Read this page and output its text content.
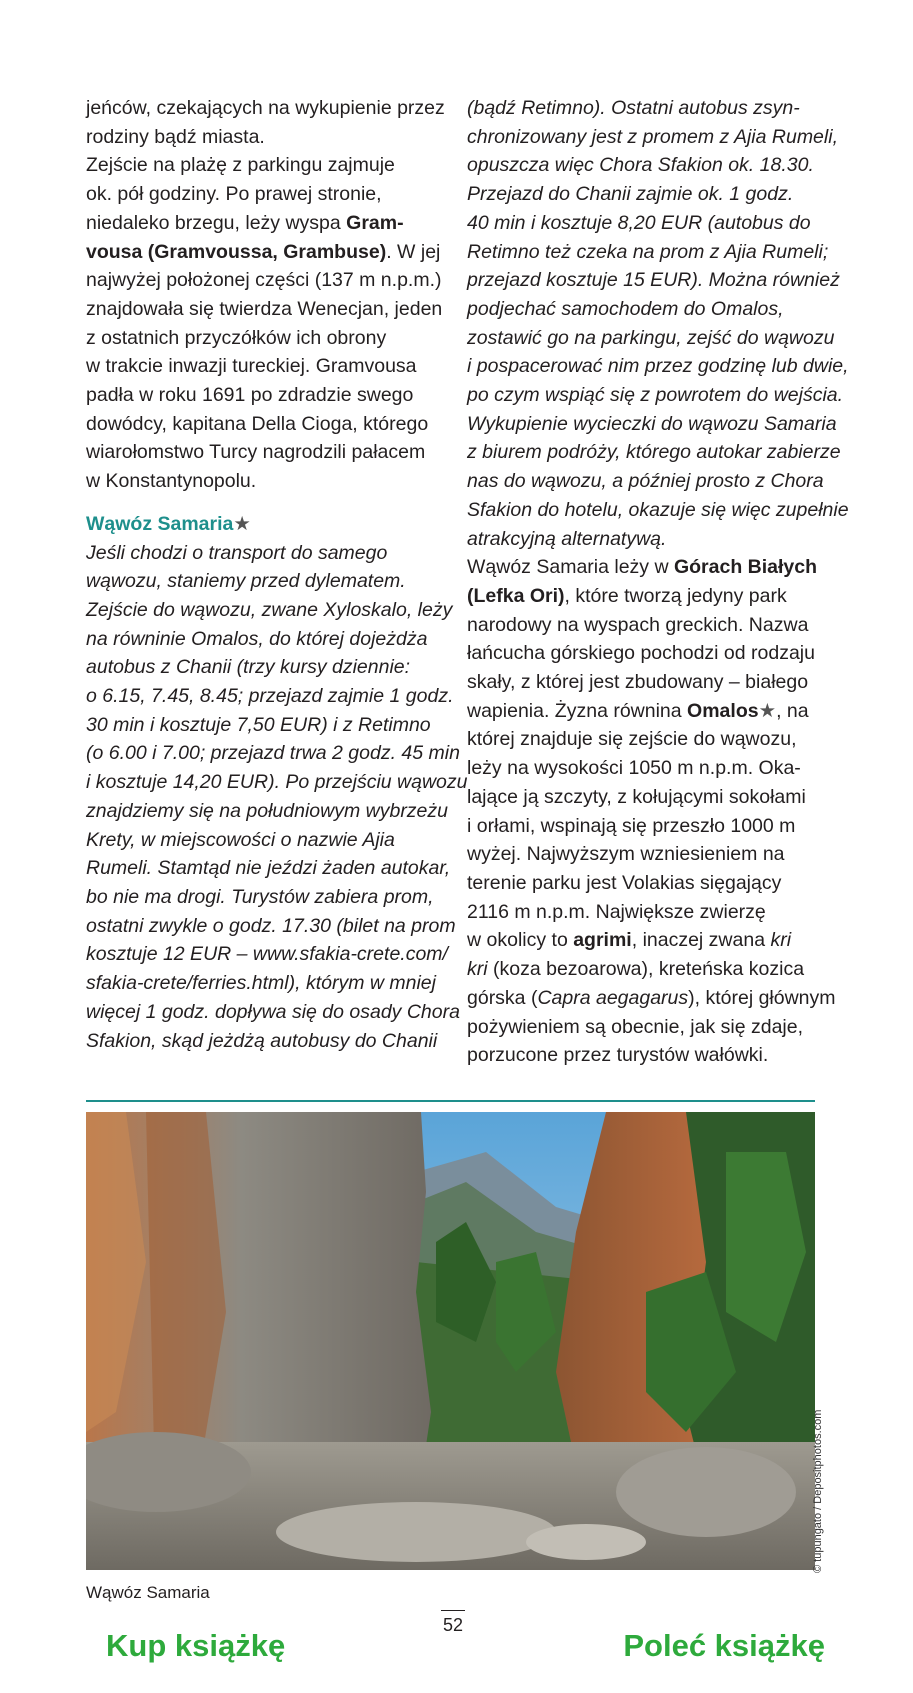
jeńców, czekających na wykupienie przez
rodziny bądź miasta.
Zejście na plażę z parkingu zajmuje
ok. pół godziny. Po prawej stronie,
niedaleko brzegu, leży wyspa Gram-
vousa (Gramvoussa, Grambuse). W jej
najwyżej położonej części (137 m n.p.m.)
znajdowała się twierdza Wenecjan, jeden
z ostatnich przyczółków ich obrony
w trakcie inwazji tureckiej. Gramvousa
padła w roku 1691 po zdradzie swego
dowódcy, kapitana Della Cioga, którego
wiarołomstwo Turcy nagrodzili pałacem
w Konstantynopolu.
Wąwóz Samaria★
Jeśli chodzi o transport do samego
wąwozu, staniemy przed dylematem.
Zejście do wąwozu, zwane Xyloskalo, leży
na równinie Omalos, do której dojeżdża
autobus z Chanii (trzy kursy dziennie:
o 6.15, 7.45, 8.45; przejazd zajmie 1 godz.
30 min i kosztuje 7,50 EUR) i z Retimno
(o 6.00 i 7.00; przejazd trwa 2 godz. 45 min
i kosztuje 14,20 EUR). Po przejściu wąwozu
znajdziemy się na południowym wybrzeżu
Krety, w miejscowości o nazwie Ajia
Rumeli. Stamtąd nie jeździ żaden autokar,
bo nie ma drogi. Turystów zabiera prom,
ostatni zwykle o godz. 17.30 (bilet na prom
kosztuje 12 EUR – www.sfakia-crete.com/
sfakia-crete/ferries.html), którym w mniej
więcej 1 godz. dopływa się do osady Chora
Sfakion, skąd jeżdżą autobusy do Chanii
(bądź Retimno). Ostatni autobus zsyn-
chronizowany jest z promem z Ajia Rumeli,
opuszcza więc Chora Sfakion ok. 18.30.
Przejazd do Chanii zajmie ok. 1 godz.
40 min i kosztuje 8,20 EUR (autobus do
Retimno też czeka na prom z Ajia Rumeli;
przejazd kosztuje 15 EUR). Można również
podjechać samochodem do Omalos,
zostawić go na parkingu, zejść do wąwozu
i pospacerować nim przez godzinę lub dwie,
po czym wspiąć się z powrotem do wejścia.
Wykupienie wycieczki do wąwozu Samaria
z biurem podróży, którego autokar zabierze
nas do wąwozu, a później prosto z Chora
Sfakion do hotelu, okazuje się więc zupełnie
atrakcyjną alternatywą.
Wąwóz Samaria leży w Górach Białych
(Lefka Ori), które tworzą jedyny park
narodowy na wyspach greckich. Nazwa
łańcucha górskiego pochodzi od rodzaju
skały, z której jest zbudowany – białego
wapienia. Żyzna równina Omalos★, na
której znajduje się zejście do wąwozu,
leży na wysokości 1050 m n.p.m. Oka-
lające ją szczyty, z kołującymi sokołami
i orłami, wspinają się przeszło 1000 m
wyżej. Najwyższym wzniesieniem na
terenie parku jest Volakias sięgający
2116 m n.p.m. Największe zwierzę
w okolicy to agrimi, inaczej zwana kri
kri (koza bezoarowa), kreteńska kozica
górska (Capra aegagarus), której głównym
pożywieniem są obecnie, jak się zdaje,
porzucone przez turystów wałówki.
© tupungato / Depositphotos.com
Wąwóz Samaria
52
Kup książkę	Poleć książkę
